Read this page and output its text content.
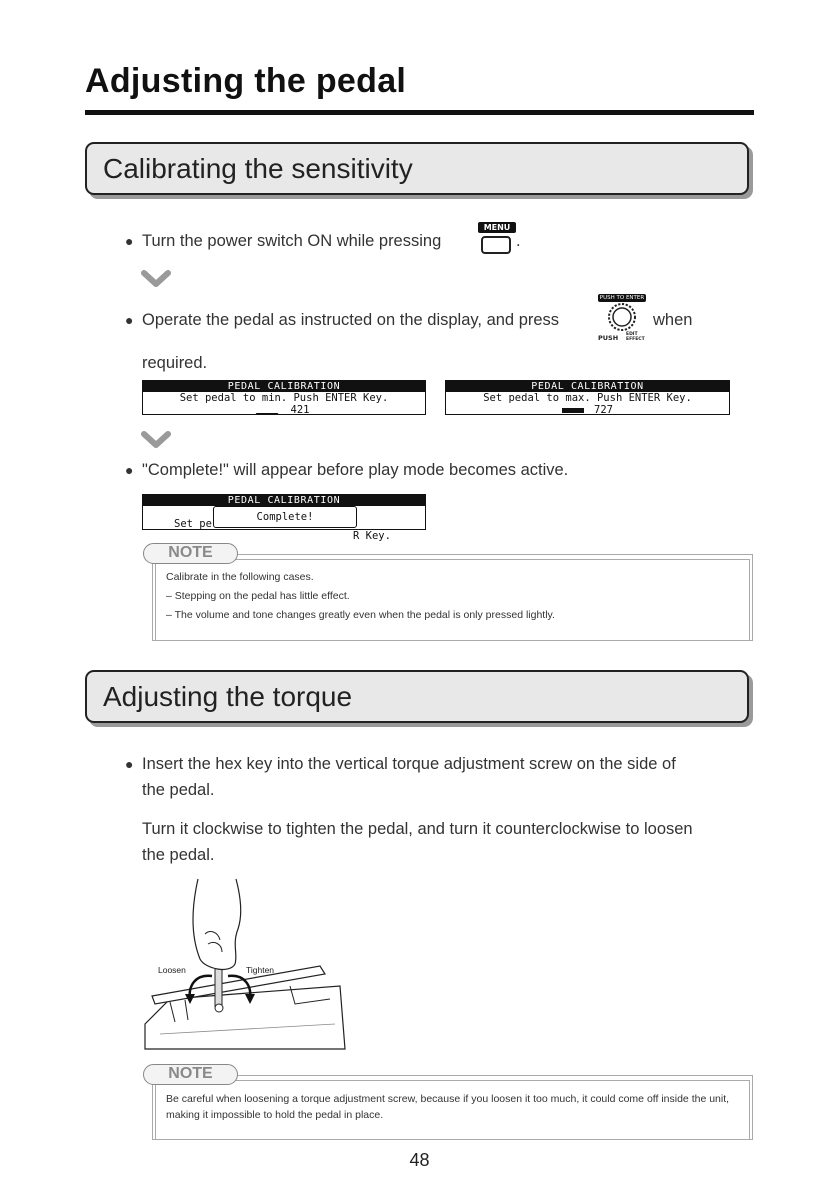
Adjusting the pedal
Calibrating the sensitivity
● Turn the power switch ON while pressing
MENU
.
● Operate the pedal as instructed on the display, and press
PUSH TO ENTER
PUSH EDIT EFFECT
when
required.
PEDAL CALIBRATION
Set pedal to min. Push ENTER Key.
421
PEDAL CALIBRATION
Set pedal to max. Push ENTER Key.
727
● "Complete!" will appear before play mode becomes active.
PEDAL CALIBRATION

Set pe

R Key.

Complete!
Calibrate in the following cases.
– Stepping on the pedal has little effect.
– The volume and tone changes greatly even when the pedal is only pressed lightly.
NOTE
Adjusting the torque
● Insert the hex key into the vertical torque adjustment screw on the side of
the pedal.
Turn it clockwise to tighten the pedal, and turn it counterclockwise to loosen
the pedal.
Loosen	Tighten
Be careful when loosening a torque adjustment screw, because if you loosen it too much, it could come off inside the unit, making it impossible to hold the pedal in place.
NOTE
48
